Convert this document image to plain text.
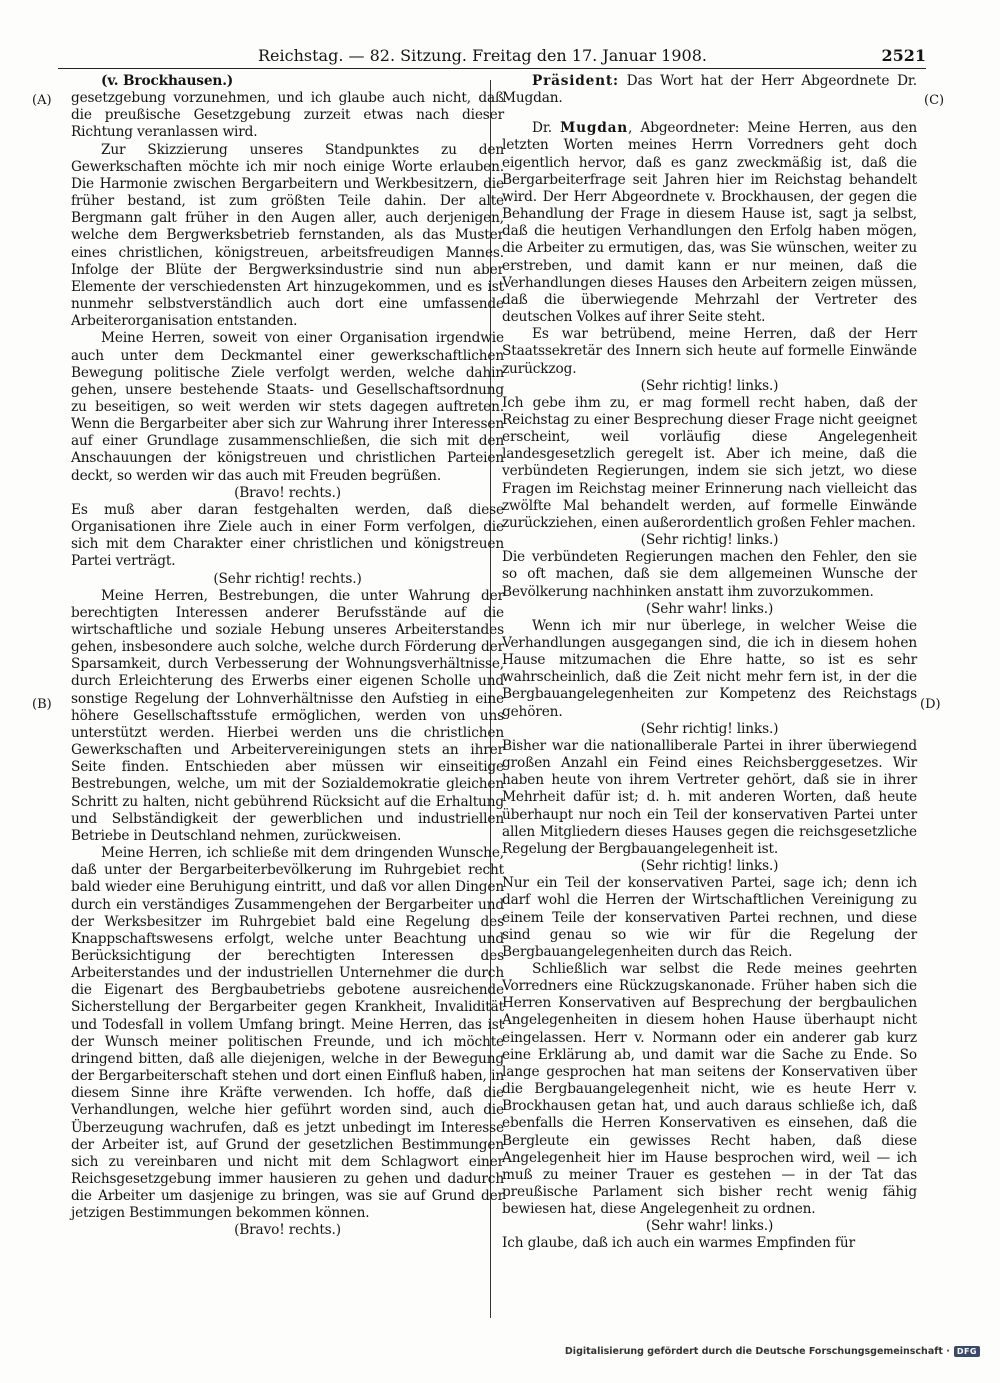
Reichstag. — 82. Sitzung. Freitag den 17. Januar 1908.	2521
(A)
(B)
(C)
(D)

(v. Brockhausen.)

gesetzgebung vorzunehmen, und ich glaube auch nicht, daß die preußische Gesetzgebung zurzeit etwas nach dieser Richtung veranlassen wird.

Zur Skizzierung unseres Standpunktes zu den Gewerkschaften möchte ich mir noch einige Worte erlauben. Die Harmonie zwischen Bergarbeitern und Werkbesitzern, die früher bestand, ist zum größten Teile dahin. Der alte Bergmann galt früher in den Augen aller, auch derjenigen, welche dem Bergwerksbetrieb fernstanden, als das Muster eines christlichen, königstreuen, arbeitsfreudigen Mannes. Infolge der Blüte der Bergwerksindustrie sind nun aber Elemente der verschiedensten Art hinzugekommen, und es ist nunmehr selbstverständlich auch dort eine umfassende Arbeiterorganisation entstanden.

Meine Herren, soweit von einer Organisation irgendwie auch unter dem Deckmantel einer gewerkschaftlichen Bewegung politische Ziele verfolgt werden, welche dahin gehen, unsere bestehende Staats- und Gesellschaftsordnung zu beseitigen, so weit werden wir stets dagegen auftreten. Wenn die Bergarbeiter aber sich zur Wahrung ihrer Interessen auf einer Grundlage zusammenschließen, die sich mit den Anschauungen der königstreuen und christlichen Parteien deckt, so werden wir das auch mit Freuden begrüßen.

(Bravo! rechts.)

Es muß aber daran festgehalten werden, daß diese Organisationen ihre Ziele auch in einer Form verfolgen, die sich mit dem Charakter einer christlichen und königstreuen Partei verträgt.

(Sehr richtig! rechts.)

Meine Herren, Bestrebungen, die unter Wahrung der berechtigten Interessen anderer Berufsstände auf die wirtschaftliche und soziale Hebung unseres Arbeiterstandes gehen, insbesondere auch solche, welche durch Förderung der Sparsamkeit, durch Verbesserung der Wohnungsverhältnisse, durch Erleichterung des Erwerbs einer eigenen Scholle und sonstige Regelung der Lohnverhältnisse den Aufstieg in eine höhere Gesellschaftsstufe ermöglichen, werden von uns unterstützt werden. Hierbei werden uns die christlichen Gewerkschaften und Arbeitervereinigungen stets an ihrer Seite finden. Entschieden aber müssen wir einseitige Bestrebungen, welche, um mit der Sozialdemokratie gleichen Schritt zu halten, nicht gebührend Rücksicht auf die Erhaltung und Selbständigkeit der gewerblichen und industriellen Betriebe in Deutschland nehmen, zurückweisen.

Meine Herren, ich schließe mit dem dringenden Wunsche, daß unter der Bergarbeiterbevölkerung im Ruhrgebiet recht bald wieder eine Beruhigung eintritt, und daß vor allen Dingen durch ein verständiges Zusammengehen der Bergarbeiter und der Werksbesitzer im Ruhrgebiet bald eine Regelung des Knappschaftswesens erfolgt, welche unter Beachtung und Berücksichtigung der berechtigten Interessen des Arbeiterstandes und der industriellen Unternehmer die durch die Eigenart des Bergbaubetriebs gebotene ausreichende Sicherstellung der Bergarbeiter gegen Krankheit, Invalidität und Todesfall in vollem Umfang bringt. Meine Herren, das ist der Wunsch meiner politischen Freunde, und ich möchte dringend bitten, daß alle diejenigen, welche in der Bewegung der Bergarbeiterschaft stehen und dort einen Einfluß haben, in diesem Sinne ihre Kräfte verwenden. Ich hoffe, daß die Verhandlungen, welche hier geführt worden sind, auch die Überzeugung wachrufen, daß es jetzt unbedingt im Interesse der Arbeiter ist, auf Grund der gesetzlichen Bestimmungen sich zu vereinbaren und nicht mit dem Schlagwort einer Reichsgesetzgebung immer hausieren zu gehen und dadurch die Arbeiter um dasjenige zu bringen, was sie auf Grund der jetzigen Bestimmungen bekommen können.

(Bravo! rechts.)

Präsident: Das Wort hat der Herr Abgeordnete Dr. Mugdan.

Dr. Mugdan, Abgeordneter: Meine Herren, aus den letzten Worten meines Herrn Vorredners geht doch eigentlich hervor, daß es ganz zweckmäßig ist, daß die Bergarbeiterfrage seit Jahren hier im Reichstag behandelt wird. Der Herr Abgeordnete v. Brockhausen, der gegen die Behandlung der Frage in diesem Hause ist, sagt ja selbst, daß die heutigen Verhandlungen den Erfolg haben mögen, die Arbeiter zu ermutigen, das, was Sie wünschen, weiter zu erstreben, und damit kann er nur meinen, daß die Verhandlungen dieses Hauses den Arbeitern zeigen müssen, daß die überwiegende Mehrzahl der Vertreter des deutschen Volkes auf ihrer Seite steht.

Es war betrübend, meine Herren, daß der Herr Staatssekretär des Innern sich heute auf formelle Einwände zurückzog.

(Sehr richtig! links.)

Ich gebe ihm zu, er mag formell recht haben, daß der Reichstag zu einer Besprechung dieser Frage nicht geeignet erscheint, weil vorläufig diese Angelegenheit landesgesetzlich geregelt ist. Aber ich meine, daß die verbündeten Regierungen, indem sie sich jetzt, wo diese Fragen im Reichstag meiner Erinnerung nach vielleicht das zwölfte Mal behandelt werden, auf formelle Einwände zurückziehen, einen außerordentlich großen Fehler machen.

(Sehr richtig! links.)

Die verbündeten Regierungen machen den Fehler, den sie so oft machen, daß sie dem allgemeinen Wunsche der Bevölkerung nachhinken anstatt ihm zuvorzukommen.

(Sehr wahr! links.)

Wenn ich mir nur überlege, in welcher Weise die Verhandlungen ausgegangen sind, die ich in diesem hohen Hause mitzumachen die Ehre hatte, so ist es sehr wahrscheinlich, daß die Zeit nicht mehr fern ist, in der die Bergbauangelegenheiten zur Kompetenz des Reichstags gehören.

(Sehr richtig! links.)

Bisher war die nationalliberale Partei in ihrer überwiegend großen Anzahl ein Feind eines Reichsberggesetzes. Wir haben heute von ihrem Vertreter gehört, daß sie in ihrer Mehrheit dafür ist; d. h. mit anderen Worten, daß heute überhaupt nur noch ein Teil der konservativen Partei unter allen Mitgliedern dieses Hauses gegen die reichsgesetzliche Regelung der Bergbauangelegenheit ist.

(Sehr richtig! links.)

Nur ein Teil der konservativen Partei, sage ich; denn ich darf wohl die Herren der Wirtschaftlichen Vereinigung zu einem Teile der konservativen Partei rechnen, und diese sind genau so wie wir für die Regelung der Bergbauangelegenheiten durch das Reich.

Schließlich war selbst die Rede meines geehrten Vorredners eine Rückzugskanonade. Früher haben sich die Herren Konservativen auf Besprechung der bergbaulichen Angelegenheiten in diesem hohen Hause überhaupt nicht eingelassen. Herr v. Normann oder ein anderer gab kurz eine Erklärung ab, und damit war die Sache zu Ende. So lange gesprochen hat man seitens der Konservativen über die Bergbauangelegenheit nicht, wie es heute Herr v. Brockhausen getan hat, und auch daraus schließe ich, daß ebenfalls die Herren Konservativen es einsehen, daß die Bergleute ein gewisses Recht haben, daß diese Angelegenheit hier im Hause besprochen wird, weil — ich muß zu meiner Trauer es gestehen — in der Tat das preußische Parlament sich bisher recht wenig fähig bewiesen hat, diese Angelegenheit zu ordnen.

(Sehr wahr! links.)

Ich glaube, daß ich auch ein warmes Empfinden für

Digitalisierung gefördert durch die Deutsche Forschungsgemeinschaft · DFG
